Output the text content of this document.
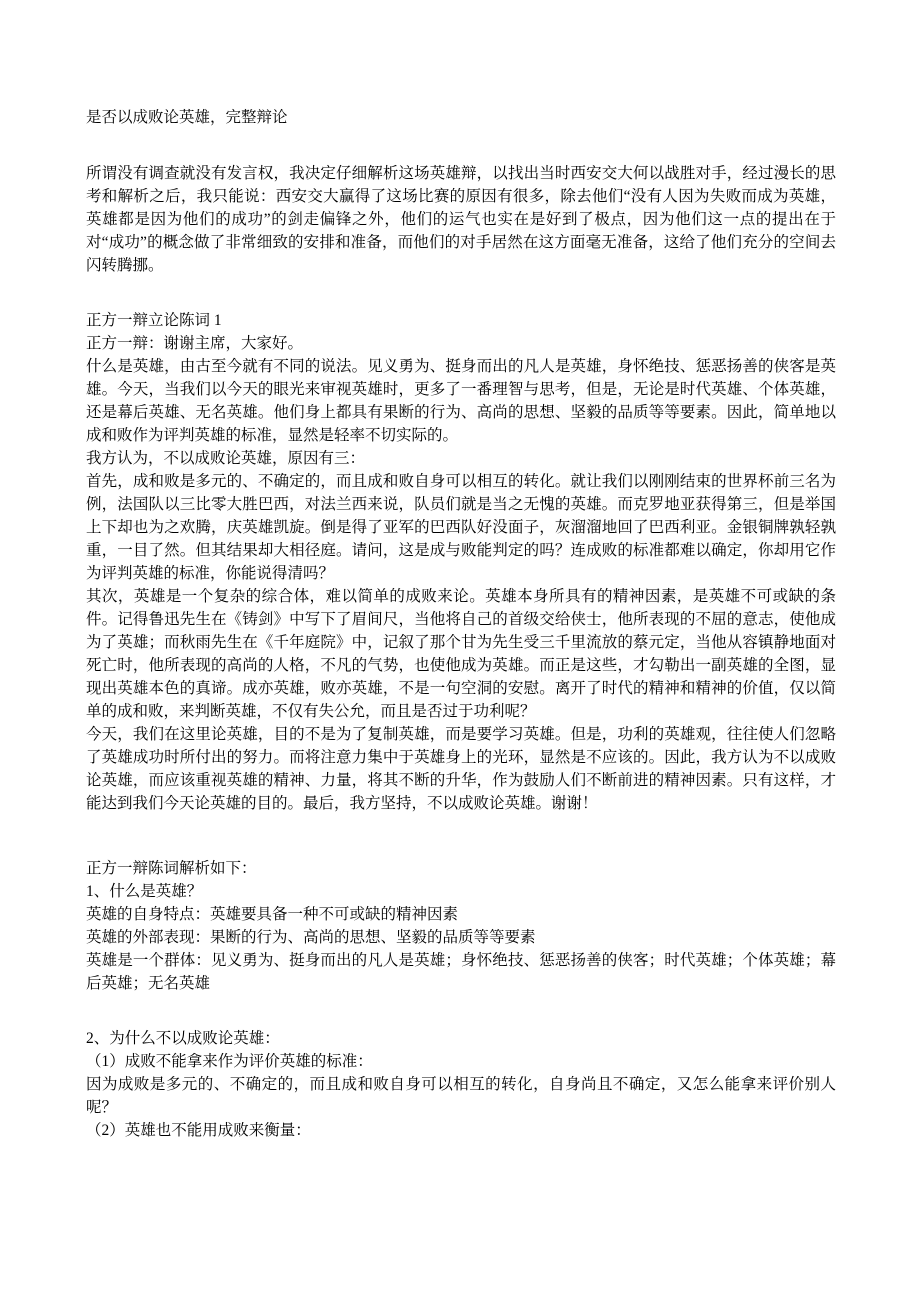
是否以成败论英雄，完整辩论

所谓没有调查就没有发言权，我决定仔细解析这场英雄辩，以找出当时西安交大何以战胜对手，经过漫长的思考和解析之后，我只能说：西安交大赢得了这场比赛的原因有很多，除去他们“没有人因为失败而成为英雄，英雄都是因为他们的成功”的剑走偏锋之外，他们的运气也实在是好到了极点，因为他们这一点的提出在于对“成功”的概念做了非常细致的安排和准备，而他们的对手居然在这方面毫无准备，这给了他们充分的空间去闪转腾挪。

正方一辩立论陈词 1

正方一辩：谢谢主席，大家好。

什么是英雄，由古至今就有不同的说法。见义勇为、挺身而出的凡人是英雄，身怀绝技、惩恶扬善的侠客是英雄。今天，当我们以今天的眼光来审视英雄时，更多了一番理智与思考，但是，无论是时代英雄、个体英雄，还是幕后英雄、无名英雄。他们身上都具有果断的行为、高尚的思想、坚毅的品质等等要素。因此，简单地以成和败作为评判英雄的标准，显然是轻率不切实际的。

我方认为，不以成败论英雄，原因有三：

首先，成和败是多元的、不确定的，而且成和败自身可以相互的转化。就让我们以刚刚结束的世界杯前三名为例，法国队以三比零大胜巴西，对法兰西来说，队员们就是当之无愧的英雄。而克罗地亚获得第三，但是举国上下却也为之欢腾，庆英雄凯旋。倒是得了亚军的巴西队好没面子，灰溜溜地回了巴西利亚。金银铜牌孰轻孰重，一目了然。但其结果却大相径庭。请问，这是成与败能判定的吗？连成败的标准都难以确定，你却用它作为评判英雄的标准，你能说得清吗？

其次，英雄是一个复杂的综合体，难以简单的成败来论。英雄本身所具有的精神因素，是英雄不可或缺的条件。记得鲁迅先生在《铸剑》中写下了眉间尺，当他将自己的首级交给侠士，他所表现的不屈的意志，使他成为了英雄；而秋雨先生在《千年庭院》中，记叙了那个甘为先生受三千里流放的蔡元定，当他从容镇静地面对死亡时，他所表现的高尚的人格，不凡的气势，也使他成为英雄。而正是这些，才勾勒出一副英雄的全图，显现出英雄本色的真谛。成亦英雄，败亦英雄，不是一句空洞的安慰。离开了时代的精神和精神的价值，仅以简单的成和败，来判断英雄，不仅有失公允，而且是否过于功利呢？

今天，我们在这里论英雄，目的不是为了复制英雄，而是要学习英雄。但是，功利的英雄观，往往使人们忽略了英雄成功时所付出的努力。而将注意力集中于英雄身上的光环，显然是不应该的。因此，我方认为不以成败论英雄，而应该重视英雄的精神、力量，将其不断的升华，作为鼓励人们不断前进的精神因素。只有这样，才能达到我们今天论英雄的目的。最后，我方坚持，不以成败论英雄。谢谢！

正方一辩陈词解析如下：

1、什么是英雄？

英雄的自身特点：英雄要具备一种不可或缺的精神因素

英雄的外部表现：果断的行为、高尚的思想、坚毅的品质等等要素

英雄是一个群体：见义勇为、挺身而出的凡人是英雄；身怀绝技、惩恶扬善的侠客；时代英雄；个体英雄；幕后英雄；无名英雄

2、为什么不以成败论英雄：

（1）成败不能拿来作为评价英雄的标准：

因为成败是多元的、不确定的，而且成和败自身可以相互的转化，自身尚且不确定，又怎么能拿来评价别人呢？

（2）英雄也不能用成败来衡量：
